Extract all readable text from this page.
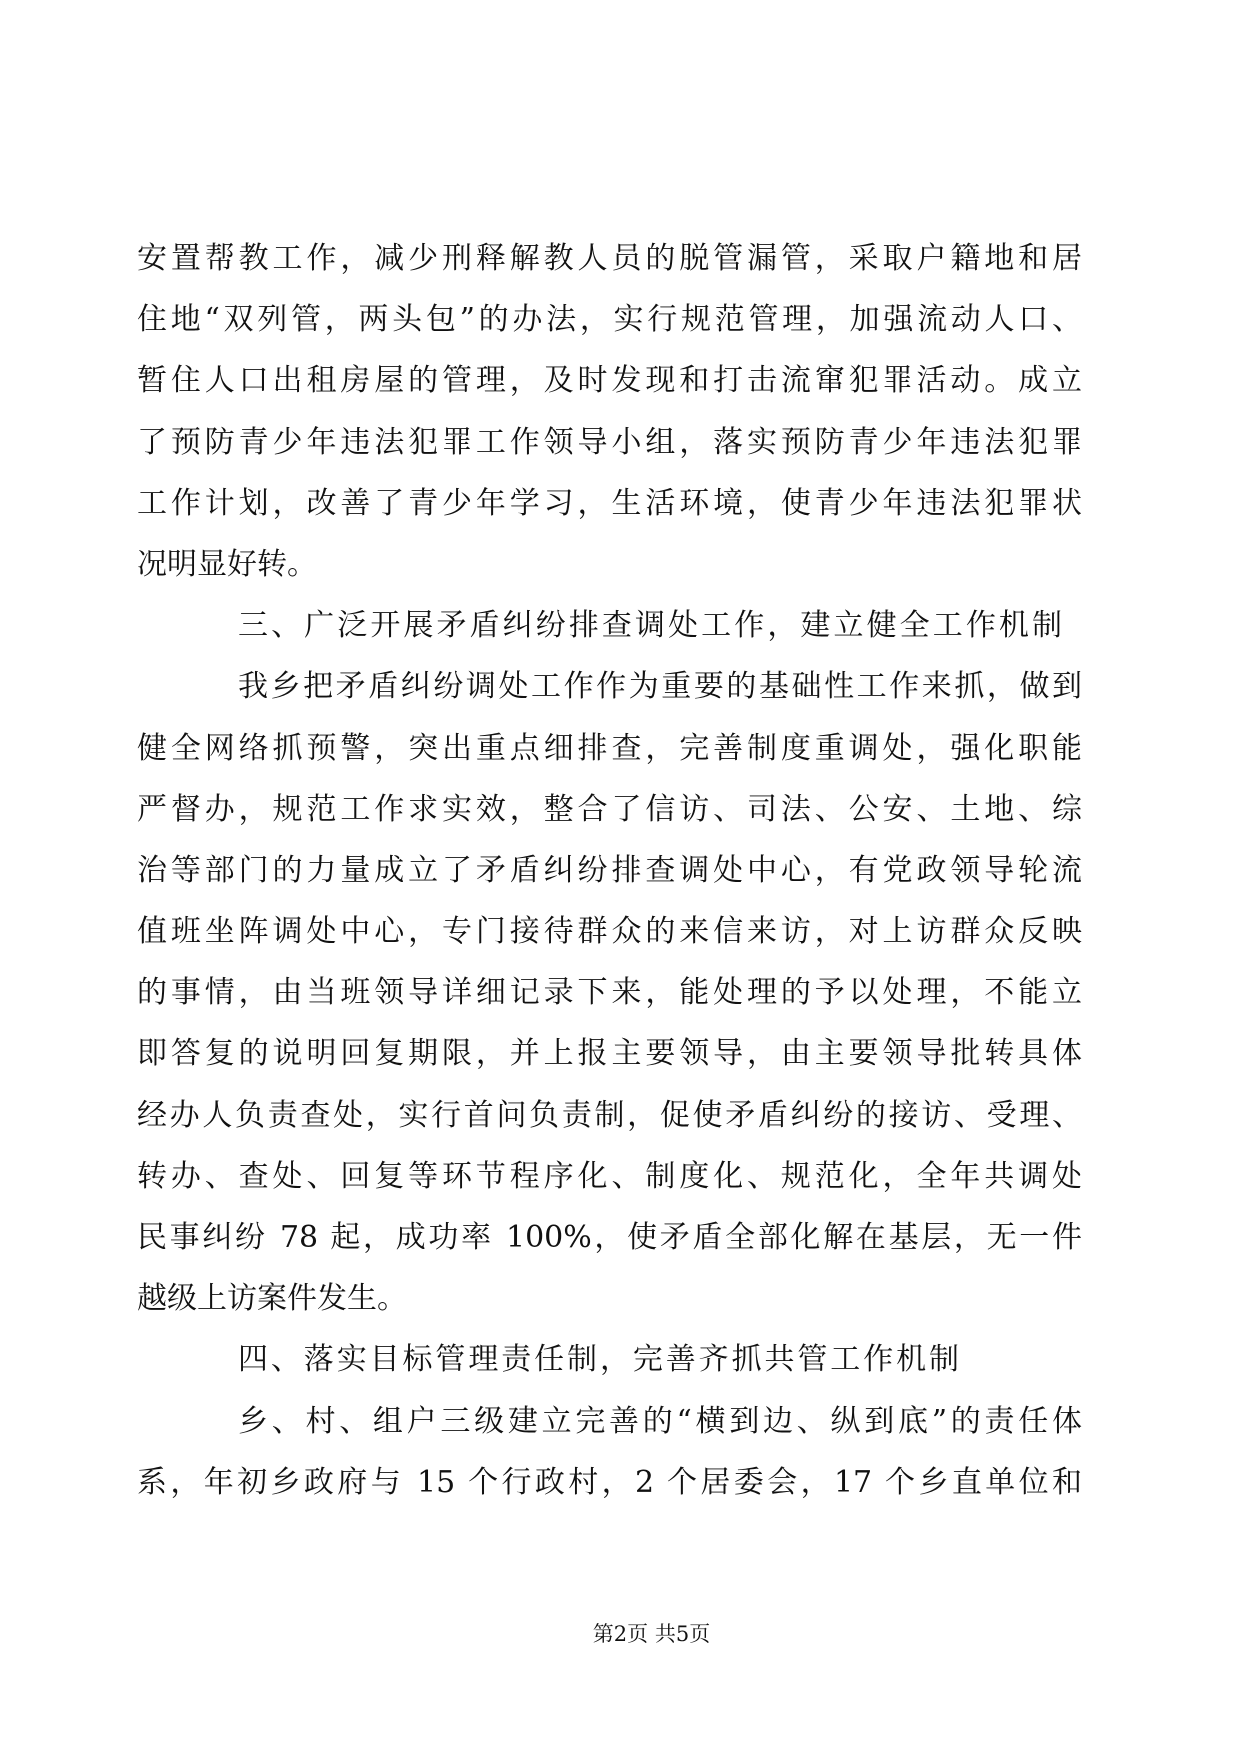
安置帮教工作，减少刑释解教人员的脱管漏管，采取户籍地和居
住地“双列管，两头包”的办法，实行规范管理，加强流动人口、
暂住人口出租房屋的管理，及时发现和打击流窜犯罪活动。成立
了预防青少年违法犯罪工作领导小组，落实预防青少年违法犯罪
工作计划，改善了青少年学习，生活环境，使青少年违法犯罪状
况明显好转。
三、广泛开展矛盾纠纷排查调处工作，建立健全工作机制
我乡把矛盾纠纷调处工作作为重要的基础性工作来抓，做到
健全网络抓预警，突出重点细排查，完善制度重调处，强化职能
严督办，规范工作求实效，整合了信访、司法、公安、土地、综
治等部门的力量成立了矛盾纠纷排查调处中心，有党政领导轮流
值班坐阵调处中心，专门接待群众的来信来访，对上访群众反映
的事情，由当班领导详细记录下来，能处理的予以处理，不能立
即答复的说明回复期限，并上报主要领导，由主要领导批转具体
经办人负责查处，实行首问负责制，促使矛盾纠纷的接访、受理、
转办、查处、回复等环节程序化、制度化、规范化，全年共调处
民事纠纷 78 起，成功率 100%，使矛盾全部化解在基层，无一件
越级上访案件发生。
四、落实目标管理责任制，完善齐抓共管工作机制
乡、村、组户三级建立完善的“横到边、纵到底”的责任体
系，年初乡政府与 15 个行政村，2 个居委会，17 个乡直单位和
第2页 共5页
